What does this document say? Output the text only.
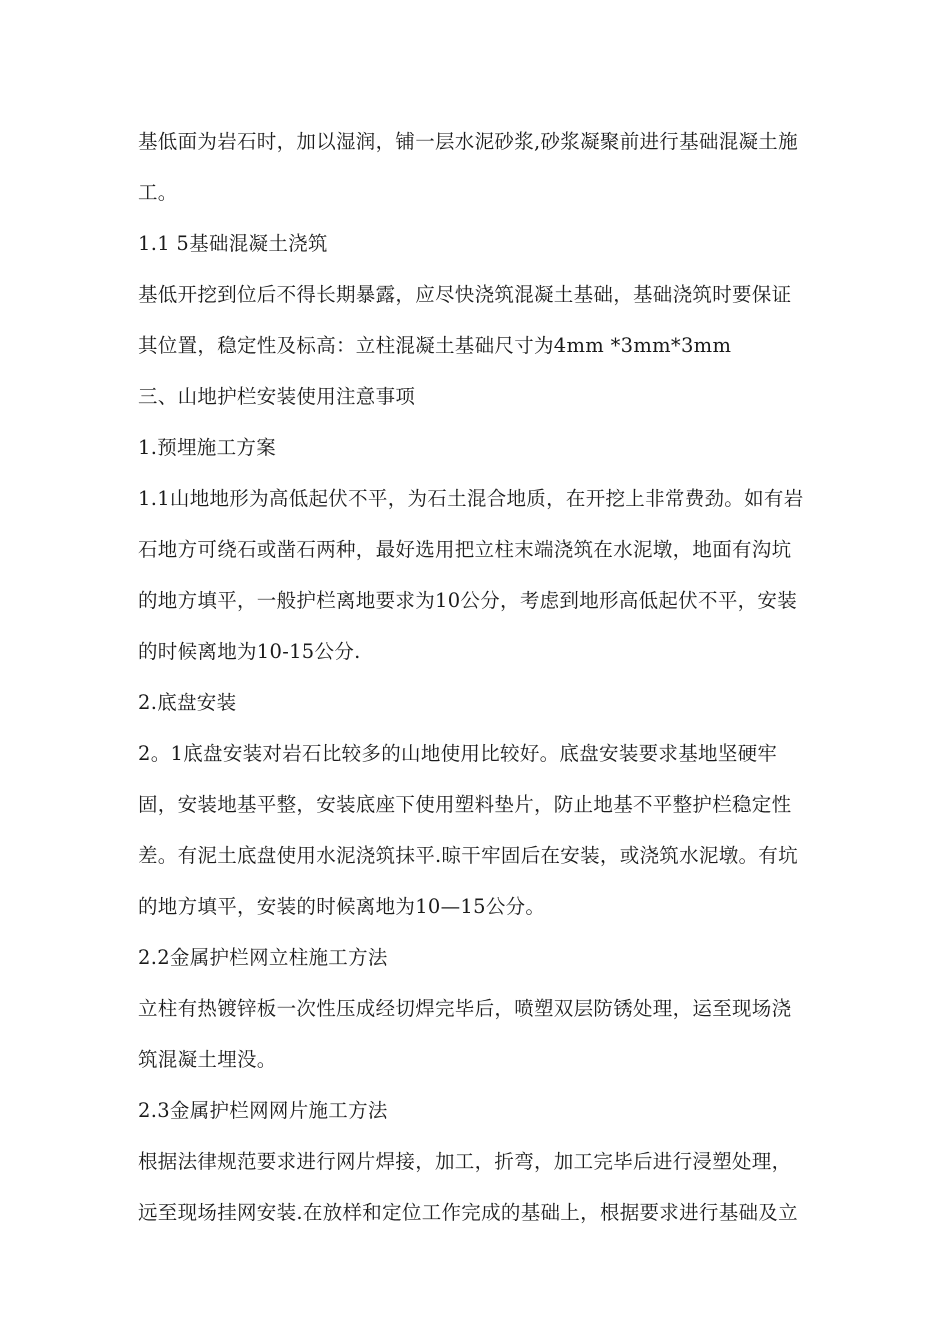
基低面为岩石时，加以湿润，铺一层水泥砂浆,砂浆凝聚前进行基础混凝土施
工。
1.1 5基础混凝土浇筑
基低开挖到位后不得长期暴露，应尽快浇筑混凝土基础，基础浇筑时要保证
其位置，稳定性及标高：立柱混凝土基础尺寸为4mm *3mm*3mm
三、山地护栏安装使用注意事项
1.预埋施工方案
1.1山地地形为高低起伏不平，为石土混合地质，在开挖上非常费劲。如有岩
石地方可绕石或凿石两种，最好选用把立柱末端浇筑在水泥墩，地面有沟坑
的地方填平，一般护栏离地要求为10公分，考虑到地形高低起伏不平，安装
的时候离地为10-15公分.
2.底盘安装
2。1底盘安装对岩石比较多的山地使用比较好。底盘安装要求基地坚硬牢
固，安装地基平整，安装底座下使用塑料垫片，防止地基不平整护栏稳定性
差。有泥土底盘使用水泥浇筑抹平.晾干牢固后在安装，或浇筑水泥墩。有坑
的地方填平，安装的时候离地为10—15公分。
2.2金属护栏网立柱施工方法
立柱有热镀锌板一次性压成经切焊完毕后，喷塑双层防锈处理，运至现场浇
筑混凝土埋没。
2.3金属护栏网网片施工方法
根据法律规范要求进行网片焊接，加工，折弯，加工完毕后进行浸塑处理，
远至现场挂网安装.在放样和定位工作完成的基础上，根据要求进行基础及立
